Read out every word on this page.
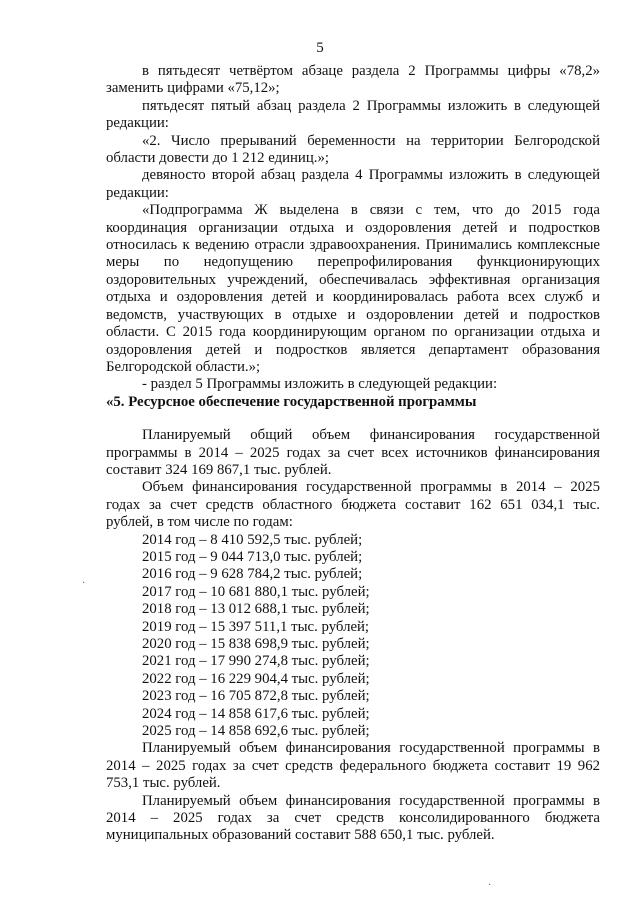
5

в пятьдесят четвёртом абзаце раздела 2 Программы цифры «78,2» заменить цифрами «75,12»;

пятьдесят пятый абзац раздела 2 Программы изложить в следующей редакции:

«2. Число прерываний беременности на территории Белгородской области довести до 1 212 единиц.»;

девяносто второй абзац раздела 4 Программы изложить в следующей редакции:

«Подпрограмма Ж выделена в связи с тем, что до 2015 года координация организации отдыха и оздоровления детей и подростков относилась к ведению отрасли здравоохранения. Принимались комплексные меры по недопущению перепрофилирования функционирующих оздоровительных учреждений, обеспечивалась эффективная организация отдыха и оздоровления детей и координировалась работа всех служб и ведомств, участвующих в отдыхе и оздоровлении детей и подростков области. С 2015 года координирующим органом по организации отдыха и оздоровления детей и подростков является департамент образования Белгородской области.»;

- раздел 5 Программы изложить в следующей редакции:

«5. Ресурсное обеспечение государственной программы

Планируемый общий объем финансирования государственной программы в 2014 – 2025 годах за счет всех источников финансирования составит 324 169 867,1 тыс. рублей.

Объем финансирования государственной программы в 2014 – 2025 годах за счет средств областного бюджета составит 162 651 034,1 тыс. рублей, в том числе по годам:

2014 год – 8 410 592,5 тыс. рублей;
2015 год – 9 044 713,0 тыс. рублей;
2016 год – 9 628 784,2 тыс. рублей;
2017 год – 10 681 880,1 тыс. рублей;
2018 год – 13 012 688,1 тыс. рублей;
2019 год – 15 397 511,1 тыс. рублей;
2020 год – 15 838 698,9 тыс. рублей;
2021 год – 17 990 274,8 тыс. рублей;
2022 год – 16 229 904,4 тыс. рублей;
2023 год – 16 705 872,8 тыс. рублей;
2024 год – 14 858 617,6 тыс. рублей;
2025 год – 14 858 692,6 тыс. рублей;

Планируемый объем финансирования государственной программы в 2014 – 2025 годах за счет средств федерального бюджета составит 19 962 753,1 тыс. рублей.

Планируемый объем финансирования государственной программы в 2014 – 2025 годах за счет средств консолидированного бюджета муниципальных образований составит 588 650,1 тыс. рублей.

·
·
